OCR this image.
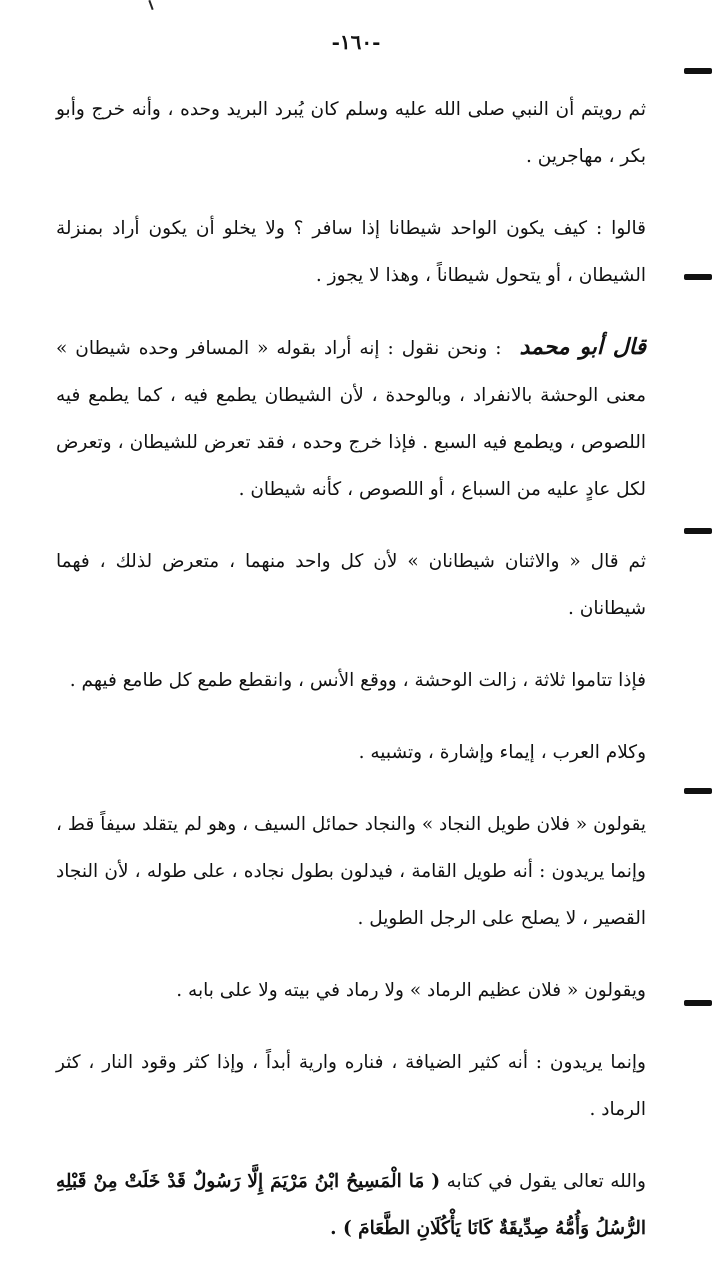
-١٦٠-

ثم رويتم أن النبي صلى الله عليه وسلم كان يُبرد البريد وحده ، وأنه خرج وأبو بكر ، مهاجرين .

قالوا : كيف يكون الواحد شيطانا إذا سافر ؟ ولا يخلو أن يكون أراد بمنزلة الشيطان ، أو يتحول شيطاناً ، وهذا لا يجوز .

قال أبو محمد : ونحن نقول : إنه أراد بقوله « المسافر وحده شيطان » معنى الوحشة بالانفراد ، وبالوحدة ، لأن الشيطان يطمع فيه ، كما يطمع فيه اللصوص ، ويطمع فيه السبع . فإذا خرج وحده ، فقد تعرض للشيطان ، وتعرض لكل عادٍ عليه من السباع ، أو اللصوص ، كأنه شيطان .

ثم قال « والاثنان شيطانان » لأن كل واحد منهما ، متعرض لذلك ، فهما شيطانان .

فإذا تتاموا ثلاثة ، زالت الوحشة ، ووقع الأنس ، وانقطع طمع كل طامع فيهم .

وكلام العرب ، إيماء وإشارة ، وتشبيه .

يقولون « فلان طويل النجاد » والنجاد حمائل السيف ، وهو لم يتقلد سيفاً قط ، وإنما يريدون : أنه طويل القامة ، فيدلون بطول نجاده ، على طوله ، لأن النجاد القصير ، لا يصلح على الرجل الطويل .

ويقولون « فلان عظيم الرماد » ولا رماد في بيته ولا على بابه .

وإنما يريدون : أنه كثير الضيافة ، فناره وارية أبداً ، وإذا كثر وقود النار ، كثر الرماد .

والله تعالى يقول في كتابه ( مَا الْمَسِيحُ ابْنُ مَرْيَمَ إِلَّا رَسُولٌ قَدْ خَلَتْ مِنْ قَبْلِهِ الرُّسُلُ وَأُمُّهُ صِدِّيقَةٌ كَانَا يَأْكُلَانِ الطَّعَامَ ) .
